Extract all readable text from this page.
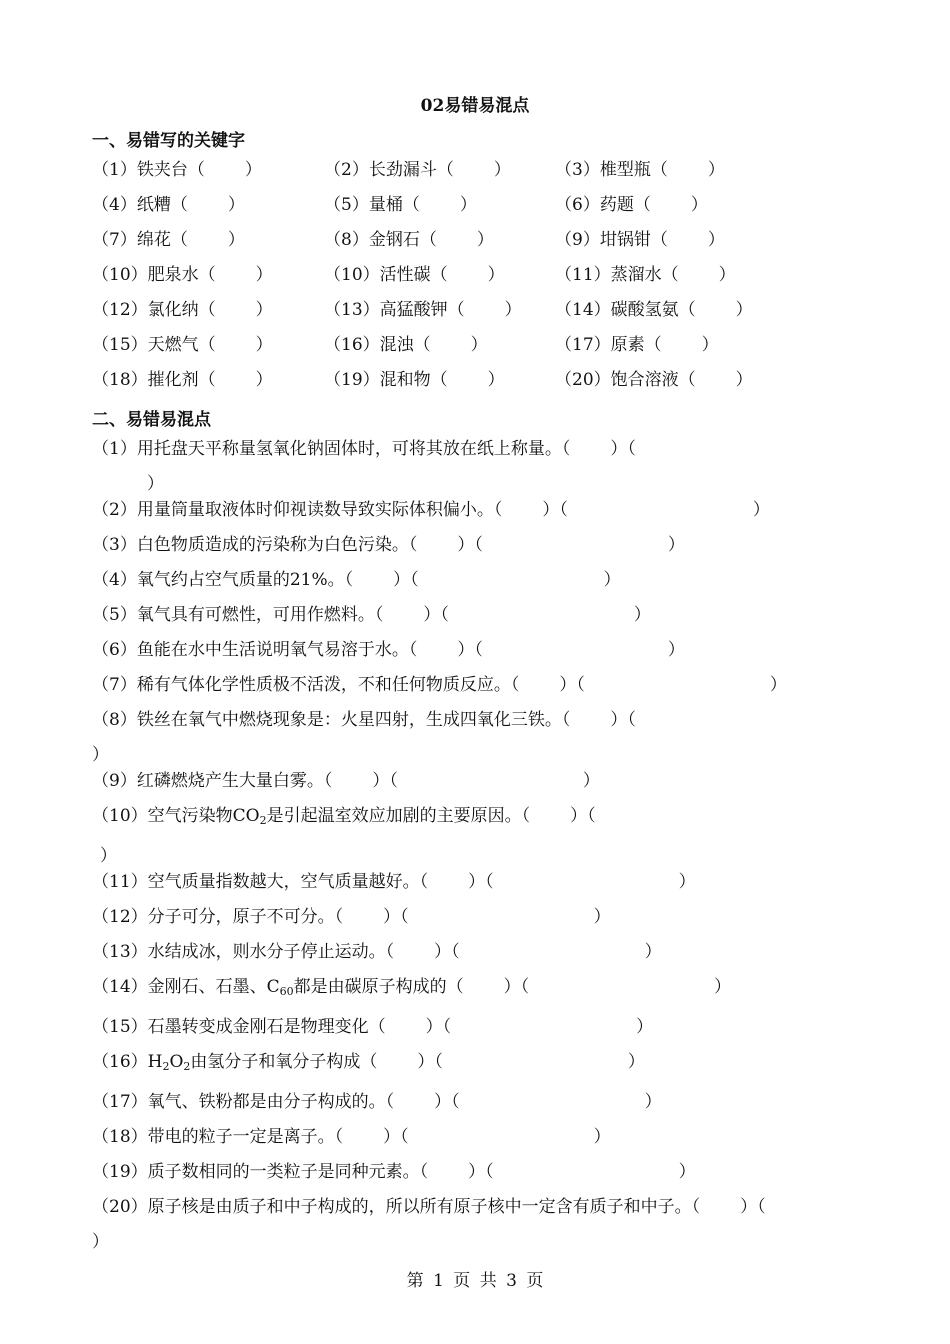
02易错易混点
一、易错写的关键字
（1）铁夹台（ ）	（2）长劲漏斗（ ）	（3）椎型瓶（ ）
（4）纸糟（ ）	（5）量桶（ ）	（6）药题（ ）
（7）绵花（ ）	（8）金钢石（ ）	（9）坩锅钳（ ）
（10）肥泉水（ ）	（10）活性碳（ ）	（11）蒸溜水（ ）
（12）氯化纳（ ）	（13）高猛酸钾（ ） （14）碳酸氢氨（ ）
（15）天燃气（ ）	（16）混浊（ ）	（17）原素（ ）
（18）摧化剂（ ）	（19）混和物（ ）	（20）饱合溶液（ ）
二、易错易混点
（1）用托盘天平称量氢氧化钠固体时，可将其放在纸上称量。（ ）（
）
（2）用量筒量取液体时仰视读数导致实际体积偏小。（ ）（	）
（3）白色物质造成的污染称为白色污染。（ ）（	）
（4）氧气约占空气质量的21%。（ ）（	）
（5）氧气具有可燃性，可用作燃料。（ ）（	）
（6）鱼能在水中生活说明氧气易溶于水。（ ）（	）
（7）稀有气体化学性质极不活泼，不和任何物质反应。（ ）（	）
（8）铁丝在氧气中燃烧现象是：火星四射，生成四氧化三铁。（ ）（
）
（9）红磷燃烧产生大量白雾。（ ）（	）
（10）空气污染物$CO_2$是引起温室效应加剧的主要原因。（ ）（
）
（11）空气质量指数越大，空气质量越好。（ ）（	）
（12）分子可分，原子不可分。（ ）（	）
（13）水结成冰，则水分子停止运动。（ ）（	）
（14）金刚石、石墨、$C_{60}$都是由碳原子构成的（ ）（	）
（15）石墨转变成金刚石是物理变化（ ）（	）
$(16)H_2O_2$由氢分子和氧分子构成（ ）（	）
（17）氧气、铁粉都是由分子构成的。（ ）（	）
（18）带电的粒子一定是离子。（ ）（	）
（19）质子数相同的一类粒子是同种元素。（ ）（	）
（20）原子核是由质子和中子构成的，所以所有原子核中一定含有质子和中子。（ ）（
）
第 1 页 共 3 页
